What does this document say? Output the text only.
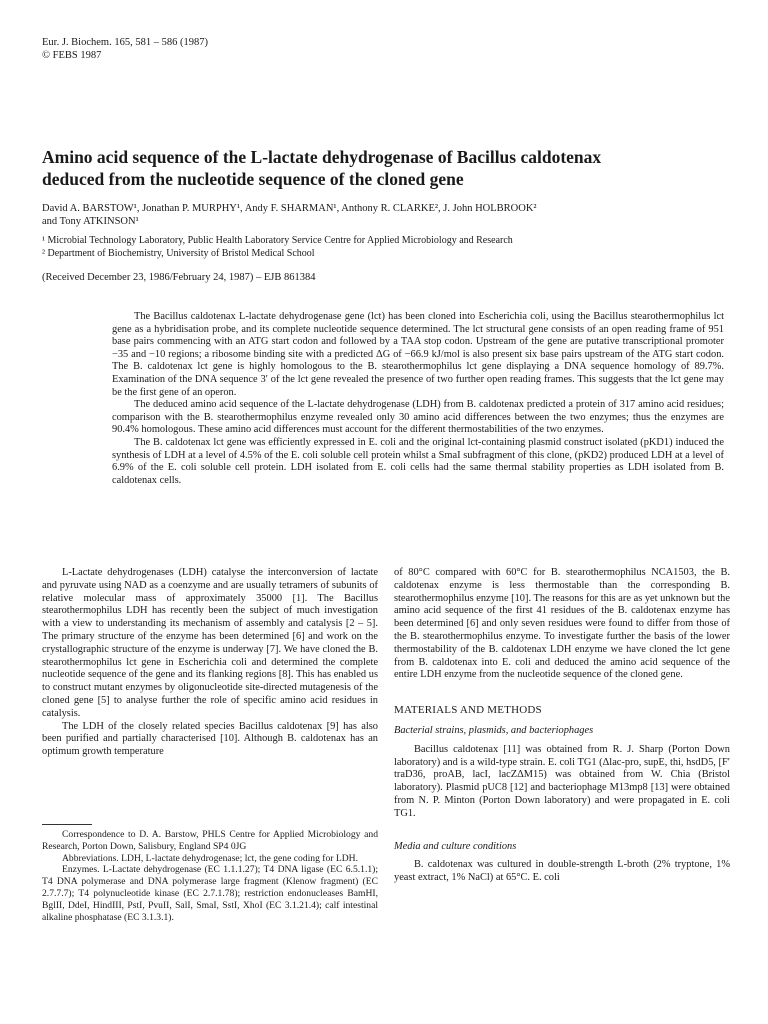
Eur. J. Biochem. 165, 581 – 586 (1987)
© FEBS 1987
Amino acid sequence of the L-lactate dehydrogenase of Bacillus caldotenax
deduced from the nucleotide sequence of the cloned gene
David A. BARSTOW¹, Jonathan P. MURPHY¹, Andy F. SHARMAN¹, Anthony R. CLARKE², J. John HOLBROOK²
and Tony ATKINSON¹
¹ Microbial Technology Laboratory, Public Health Laboratory Service Centre for Applied Microbiology and Research
² Department of Biochemistry, University of Bristol Medical School
(Received December 23, 1986/February 24, 1987) – EJB 861384

The Bacillus caldotenax L-lactate dehydrogenase gene (lct) has been cloned into Escherichia coli, using the Bacillus stearothermophilus lct gene as a hybridisation probe, and its complete nucleotide sequence determined. The lct structural gene consists of an open reading frame of 951 base pairs commencing with an ATG start codon and followed by a TAA stop codon. Upstream of the gene are putative transcriptional promoter −35 and −10 regions; a ribosome binding site with a predicted ΔG of −66.9 kJ/mol is also present six base pairs upstream of the ATG start codon. The B. caldotenax lct gene is highly homologous to the B. stearothermophilus lct gene displaying a DNA sequence homology of 89.7%. Examination of the DNA sequence 3′ of the lct gene revealed the presence of two further open reading frames. This suggests that the lct gene may be the first gene of an operon.

The deduced amino acid sequence of the L-lactate dehydrogenase (LDH) from B. caldotenax predicted a protein of 317 amino acid residues; comparison with the B. stearothermophilus enzyme revealed only 30 amino acid differences between the two enzymes; thus the enzymes are 90.4% homologous. These amino acid differences must account for the different thermostabilities of the two enzymes.

The B. caldotenax lct gene was efficiently expressed in E. coli and the original lct-containing plasmid construct isolated (pKD1) induced the synthesis of LDH at a level of 4.5% of the E. coli soluble cell protein whilst a SmaI subfragment of this clone, (pKD2) produced LDH at a level of 6.9% of the E. coli soluble cell protein. LDH isolated from E. coli cells had the same thermal stability properties as LDH isolated from B. caldotenax cells.

L-Lactate dehydrogenases (LDH) catalyse the interconversion of lactate and pyruvate using NAD as a coenzyme and are usually tetramers of subunits of relative molecular mass of approximately 35000 [1]. The Bacillus stearothermophilus LDH has recently been the subject of much investigation with a view to understanding its mechanism of assembly and catalysis [2 – 5]. The primary structure of the enzyme has been determined [6] and work on the crystallographic structure of the enzyme is underway [7]. We have cloned the B. stearothermophilus lct gene in Escherichia coli and determined the complete nucleotide sequence of the gene and its flanking regions [8]. This has enabled us to construct mutant enzymes by oligonucleotide site-directed mutagenesis of the cloned gene [5] to analyse further the role of specific amino acid residues in catalysis.

The LDH of the closely related species Bacillus caldotenax [9] has also been purified and partially characterised [10]. Although B. caldotenax has an optimum growth temperature

Correspondence to D. A. Barstow, PHLS Centre for Applied Microbiology and Research, Porton Down, Salisbury, England SP4 0JG

Abbreviations. LDH, L-lactate dehydrogenase; lct, the gene coding for LDH.

Enzymes. L-Lactate dehydrogenase (EC 1.1.1.27); T4 DNA ligase (EC 6.5.1.1); T4 DNA polymerase and DNA polymerase large fragment (Klenow fragment) (EC 2.7.7.7); T4 polynucleotide kinase (EC 2.7.1.78); restriction endonucleases BamHI, BglII, DdeI, HindIII, PstI, PvuII, SalI, SmaI, SstI, XhoI (EC 3.1.21.4); calf intestinal alkaline phosphatase (EC 3.1.3.1).

of 80°C compared with 60°C for B. stearothermophilus NCA1503, the B. caldotenax enzyme is less thermostable than the corresponding B. stearothermophilus enzyme [10]. The reasons for this are as yet unknown but the amino acid sequence of the first 41 residues of the B. caldotenax enzyme has been determined [6] and only seven residues were found to differ from those of the B. stearothermophilus enzyme. To investigate further the basis of the lower thermostability of the B. caldotenax LDH enzyme we have cloned the lct gene from B. caldotenax into E. coli and deduced the amino acid sequence of the entire LDH enzyme from the nucleotide sequence of the cloned gene.

MATERIALS AND METHODS

Bacterial strains, plasmids, and bacteriophages

Bacillus caldotenax [11] was obtained from R. J. Sharp (Porton Down laboratory) and is a wild-type strain. E. coli TG1 (Δlac-pro, supE, thi, hsdD5, [F′ traD36, proAB, lacI, lacZΔM15) was obtained from W. Chia (Bristol laboratory). Plasmid pUC8 [12] and bacteriophage M13mp8 [13] were obtained from N. P. Minton (Porton Down laboratory) and were propagated in E. coli TG1.

Media and culture conditions

B. caldotenax was cultured in double-strength L-broth (2% tryptone, 1% yeast extract, 1% NaCl) at 65°C. E. coli
